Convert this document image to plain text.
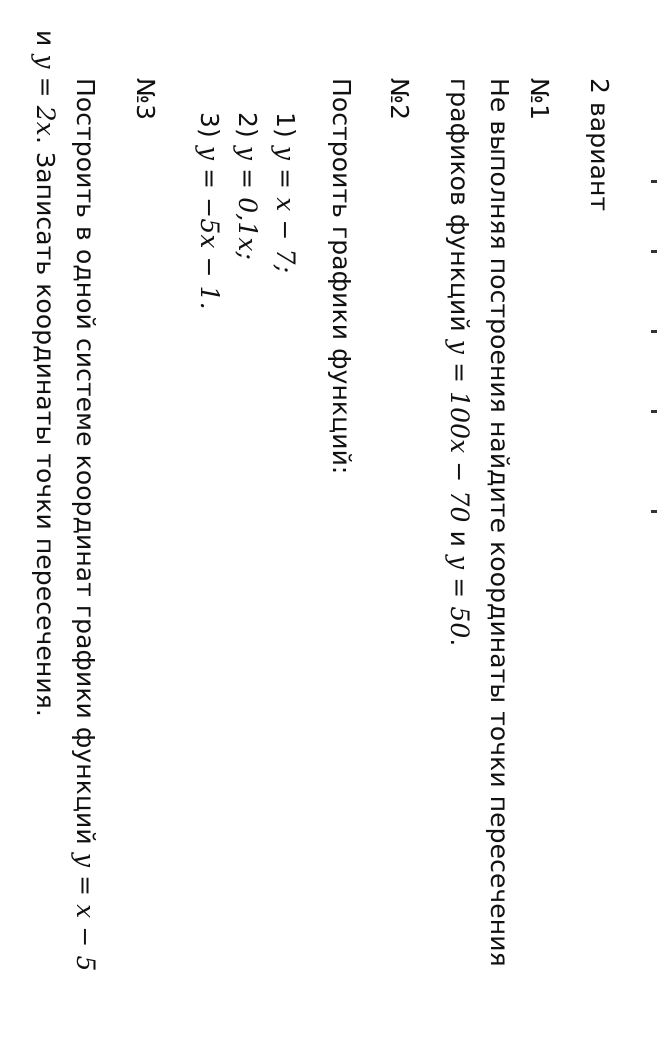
2 вариант
№1
Не выполняя построения найдите координаты точки пересечения
графиков функций y = 100x − 70 и y = 50.
№2
Построить графики функций:
1) y = x − 7;
2) y = 0,1x;
3) y = −5x − 1.
№3
Построить в одной системе координат графики функций y = x − 5
и y = 2x. Записать координаты точки пересечения.
